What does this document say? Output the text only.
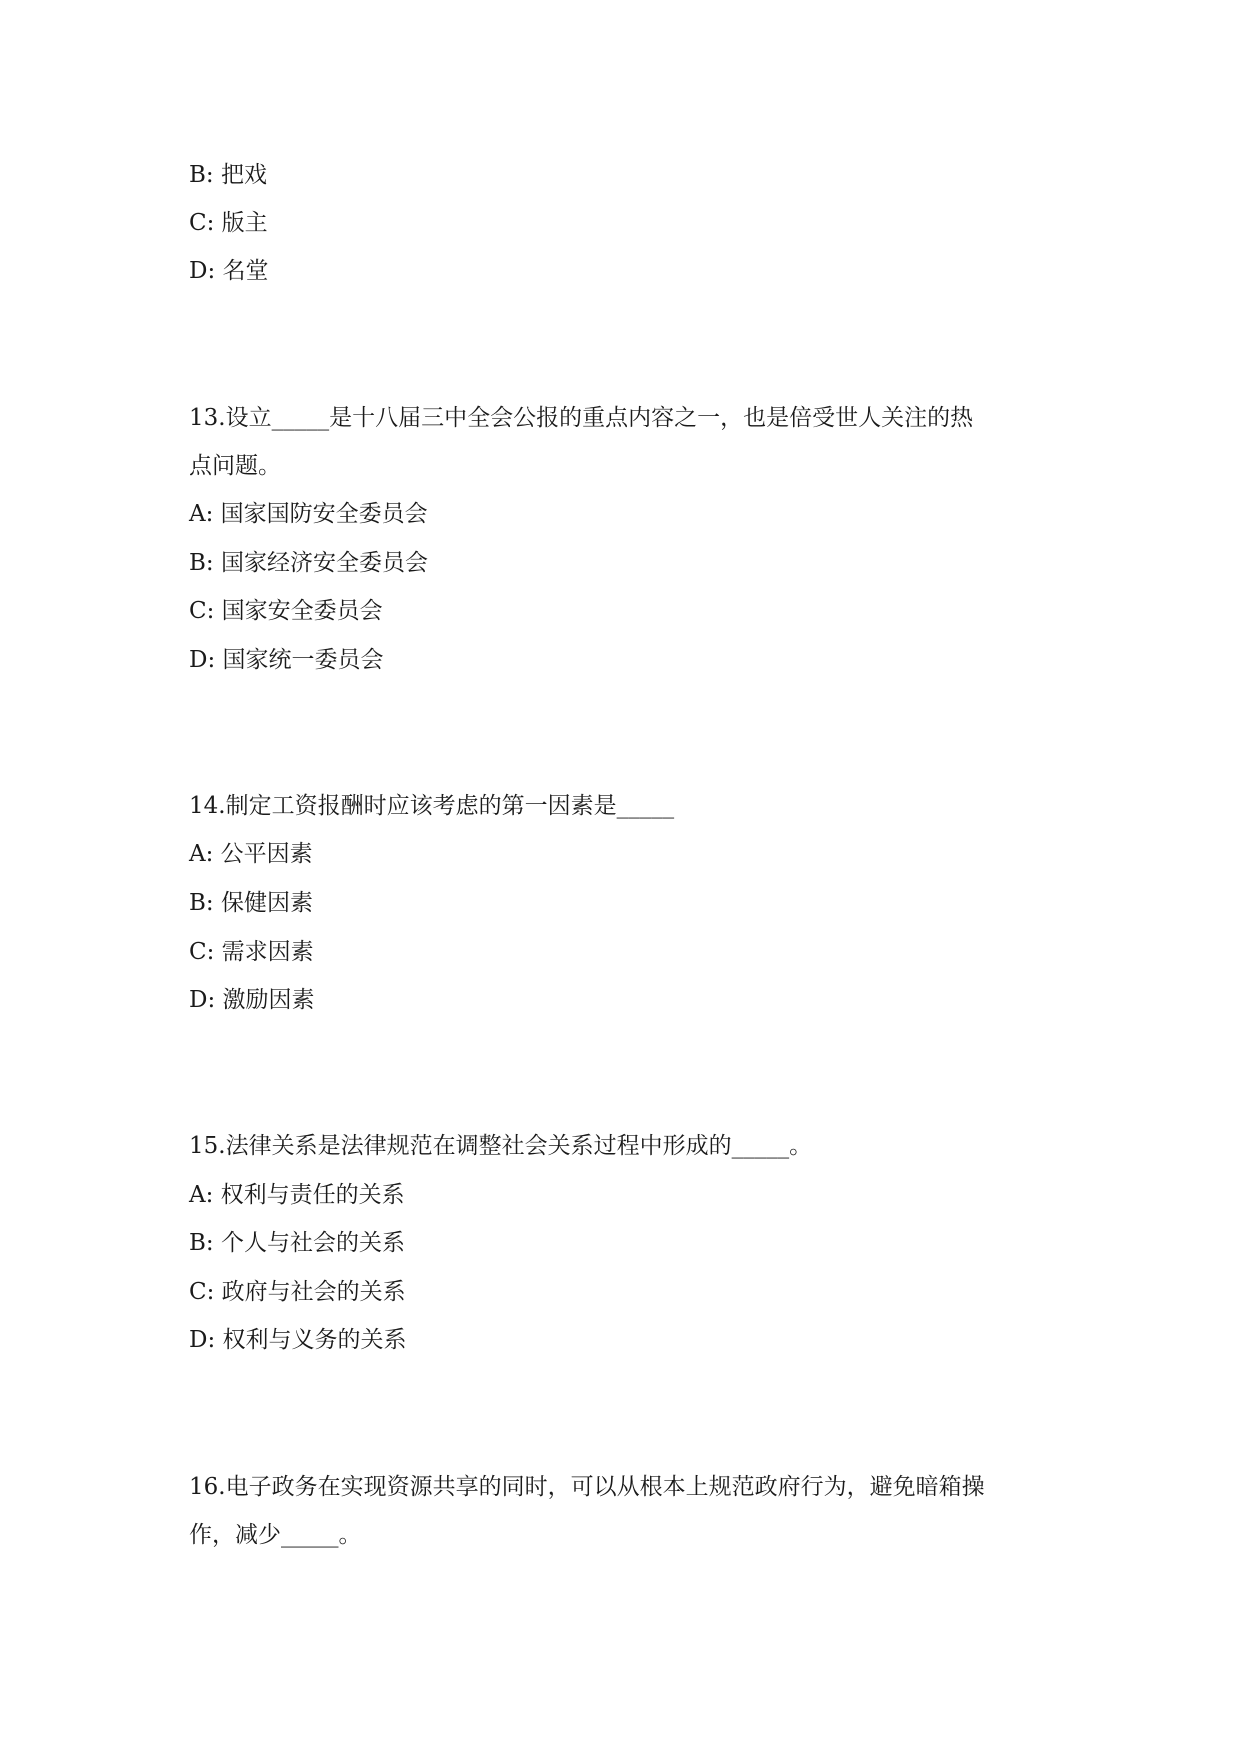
B: 把戏
C: 版主
D: 名堂
13.设立_____是十八届三中全会公报的重点内容之一，也是倍受世人关注的热
点问题。
A: 国家国防安全委员会
B: 国家经济安全委员会
C: 国家安全委员会
D: 国家统一委员会
14.制定工资报酬时应该考虑的第一因素是_____
A: 公平因素
B: 保健因素
C: 需求因素
D: 激励因素
15.法律关系是法律规范在调整社会关系过程中形成的_____。
A: 权利与责任的关系
B: 个人与社会的关系
C: 政府与社会的关系
D: 权利与义务的关系
16.电子政务在实现资源共享的同时，可以从根本上规范政府行为，避免暗箱操
作，减少_____。
